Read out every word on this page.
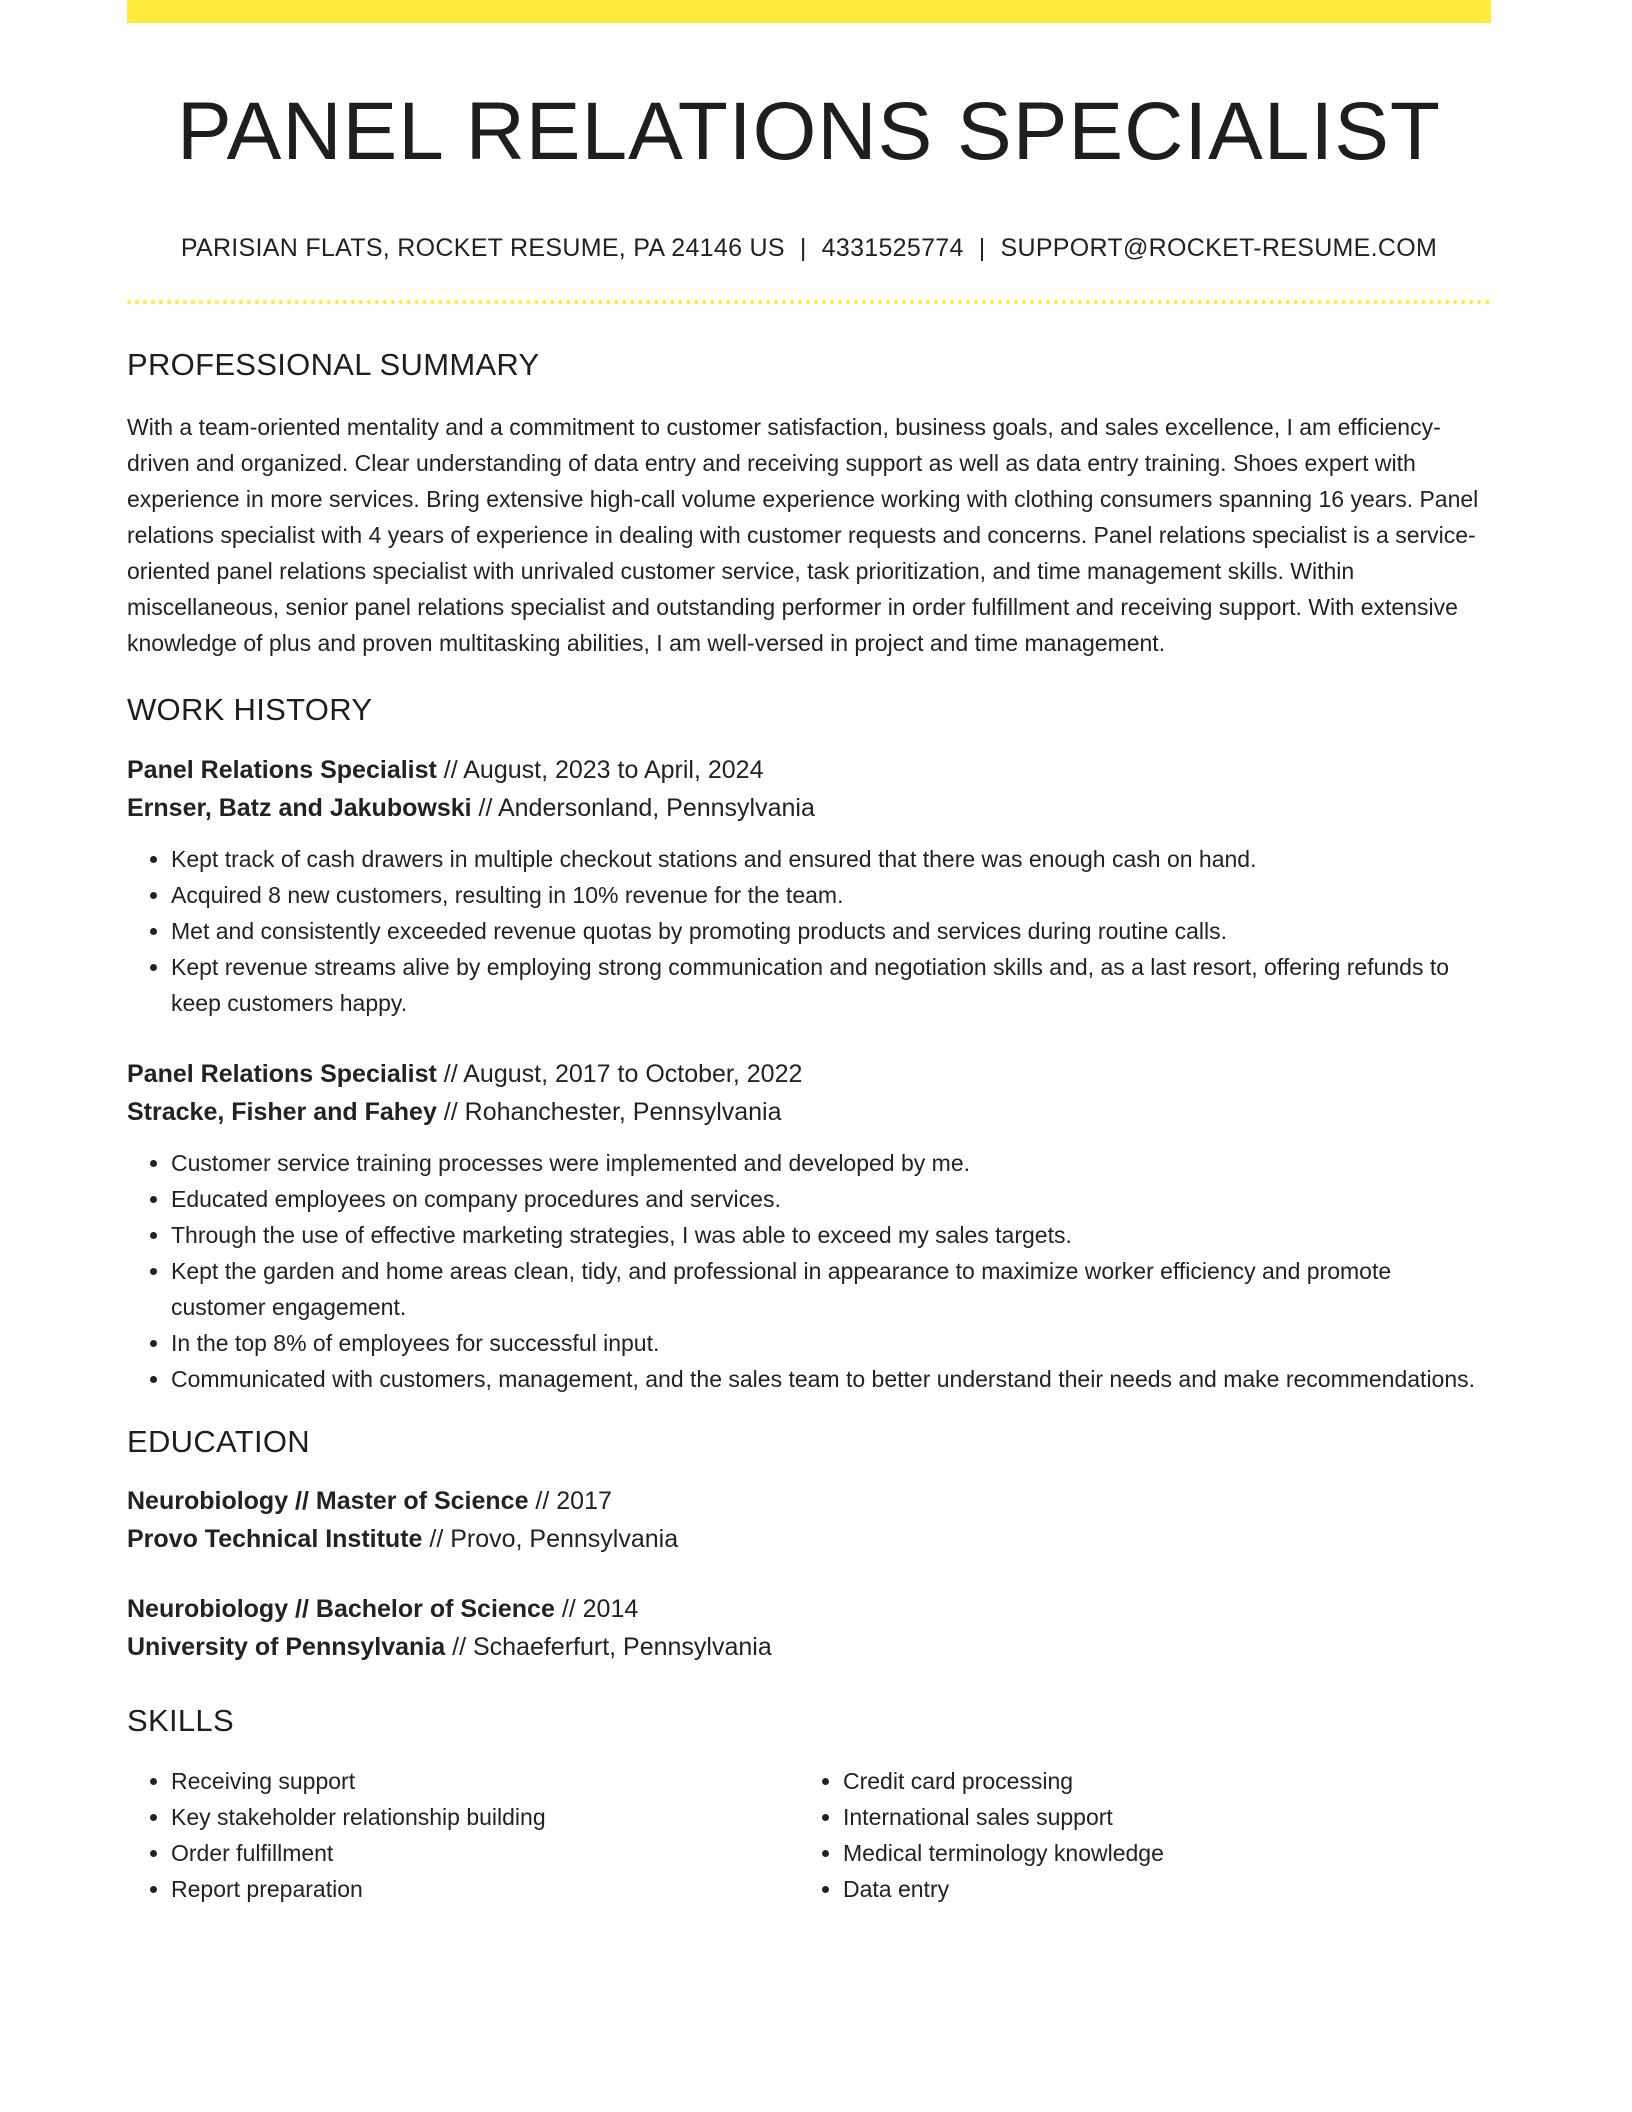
PANEL RELATIONS SPECIALIST
PARISIAN FLATS, ROCKET RESUME, PA 24146 US | 4331525774 | SUPPORT@ROCKET-RESUME.COM
PROFESSIONAL SUMMARY

With a team-oriented mentality and a commitment to customer satisfaction, business goals, and sales excellence, I am efficiency-driven and organized. Clear understanding of data entry and receiving support as well as data entry training. Shoes expert with experience in more services. Bring extensive high-call volume experience working with clothing consumers spanning 16 years. Panel relations specialist with 4 years of experience in dealing with customer requests and concerns. Panel relations specialist is a service-oriented panel relations specialist with unrivaled customer service, task prioritization, and time management skills. Within miscellaneous, senior panel relations specialist and outstanding performer in order fulfillment and receiving support. With extensive knowledge of plus and proven multitasking abilities, I am well-versed in project and time management.

WORK HISTORY
Panel Relations Specialist // August, 2023 to April, 2024
Ernser, Batz and Jakubowski // Andersonland, Pennsylvania
• Kept track of cash drawers in multiple checkout stations and ensured that there was enough cash on hand.
• Acquired 8 new customers, resulting in 10% revenue for the team.
• Met and consistently exceeded revenue quotas by promoting products and services during routine calls.
• Kept revenue streams alive by employing strong communication and negotiation skills and, as a last resort, offering refunds to keep customers happy.
Panel Relations Specialist // August, 2017 to October, 2022
Stracke, Fisher and Fahey // Rohanchester, Pennsylvania
• Customer service training processes were implemented and developed by me.
• Educated employees on company procedures and services.
• Through the use of effective marketing strategies, I was able to exceed my sales targets.
• Kept the garden and home areas clean, tidy, and professional in appearance to maximize worker efficiency and promote customer engagement.
• In the top 8% of employees for successful input.
• Communicated with customers, management, and the sales team to better understand their needs and make recommendations.
EDUCATION
Neurobiology // Master of Science // 2017
Provo Technical Institute // Provo, Pennsylvania
Neurobiology // Bachelor of Science // 2014
University of Pennsylvania // Schaeferfurt, Pennsylvania
SKILLS
• Receiving support
• Key stakeholder relationship building
• Order fulfillment
• Report preparation
• Credit card processing
• International sales support
• Medical terminology knowledge
• Data entry
